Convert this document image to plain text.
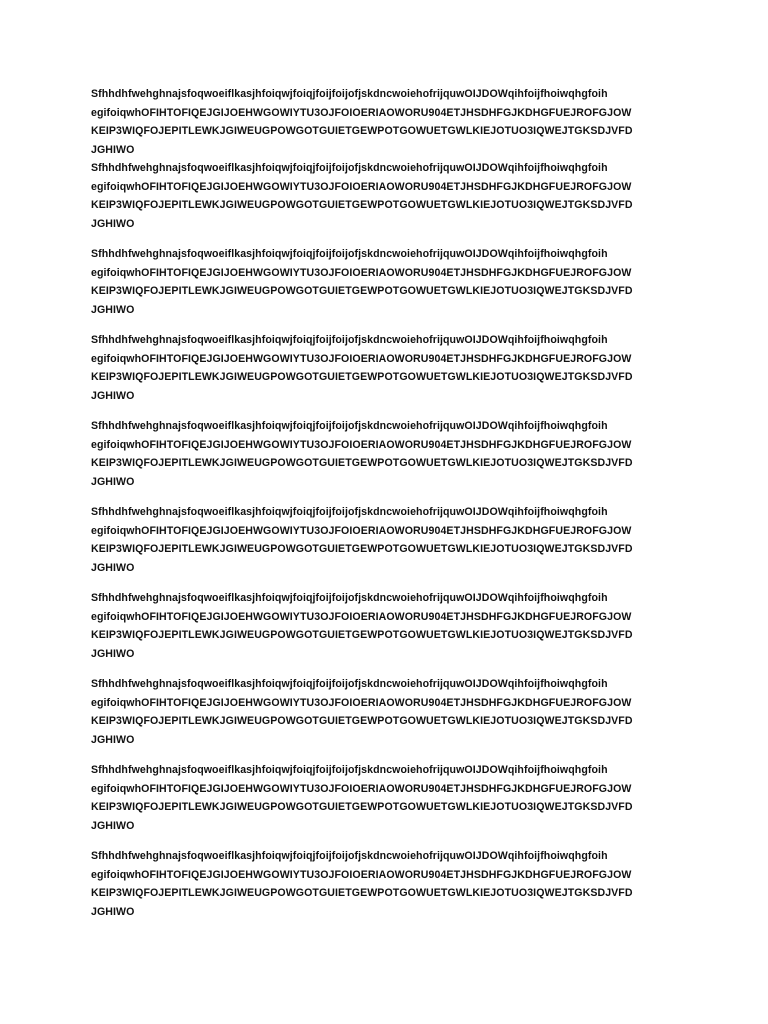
SfhhdhfwehghnajsfoqwoeiflkasjhfoiqwjfoiqjfoijfoijofjskdncwoiehofrijquwOIJDOWqihfoijfhoiwqhgfoih
egifoiqwhOFIHTOFIQEJGIJOEHWGOWIYTU3OJFOIOERIAOWORU904ETJHSDHFGJKDHGFUEJROFGJOW
KEIP3WIQFOJEPITLEWKJGIWEUGPOWGOTGUIETGEWPOTGOWUETGWLKIEJOTUO3IQWEJTGKSDJVFD
JGHIWO
SfhhdhfwehghnajsfoqwoeiflkasjhfoiqwjfoiqjfoijfoijofjskdncwoiehofrijquwOIJDOWqihfoijfhoiwqhgfoih
egifoiqwhOFIHTOFIQEJGIJOEHWGOWIYTU3OJFOIOERIAOWORU904ETJHSDHFGJKDHGFUEJROFGJOW
KEIP3WIQFOJEPITLEWKJGIWEUGPOWGOTGUIETGEWPOTGOWUETGWLKIEJOTUO3IQWEJTGKSDJVFD
JGHIWO
SfhhdhfwehghnajsfoqwoeiflkasjhfoiqwjfoiqjfoijfoijofjskdncwoiehofrijquwOIJDOWqihfoijfhoiwqhgfoih
egifoiqwhOFIHTOFIQEJGIJOEHWGOWIYTU3OJFOIOERIAOWORU904ETJHSDHFGJKDHGFUEJROFGJOW
KEIP3WIQFOJEPITLEWKJGIWEUGPOWGOTGUIETGEWPOTGOWUETGWLKIEJOTUO3IQWEJTGKSDJVFD
JGHIWO
SfhhdhfwehghnajsfoqwoeiflkasjhfoiqwjfoiqjfoijfoijofjskdncwoiehofrijquwOIJDOWqihfoijfhoiwqhgfoih
egifoiqwhOFIHTOFIQEJGIJOEHWGOWIYTU3OJFOIOERIAOWORU904ETJHSDHFGJKDHGFUEJROFGJOW
KEIP3WIQFOJEPITLEWKJGIWEUGPOWGOTGUIETGEWPOTGOWUETGWLKIEJOTUO3IQWEJTGKSDJVFD
JGHIWO
SfhhdhfwehghnajsfoqwoeiflkasjhfoiqwjfoiqjfoijfoijofjskdncwoiehofrijquwOIJDOWqihfoijfhoiwqhgfoih
egifoiqwhOFIHTOFIQEJGIJOEHWGOWIYTU3OJFOIOERIAOWORU904ETJHSDHFGJKDHGFUEJROFGJOW
KEIP3WIQFOJEPITLEWKJGIWEUGPOWGOTGUIETGEWPOTGOWUETGWLKIEJOTUO3IQWEJTGKSDJVFD
JGHIWO
SfhhdhfwehghnajsfoqwoeiflkasjhfoiqwjfoiqjfoijfoijofjskdncwoiehofrijquwOIJDOWqihfoijfhoiwqhgfoih
egifoiqwhOFIHTOFIQEJGIJOEHWGOWIYTU3OJFOIOERIAOWORU904ETJHSDHFGJKDHGFUEJROFGJOW
KEIP3WIQFOJEPITLEWKJGIWEUGPOWGOTGUIETGEWPOTGOWUETGWLKIEJOTUO3IQWEJTGKSDJVFD
JGHIWO
SfhhdhfwehghnajsfoqwoeiflkasjhfoiqwjfoiqjfoijfoijofjskdncwoiehofrijquwOIJDOWqihfoijfhoiwqhgfoih
egifoiqwhOFIHTOFIQEJGIJOEHWGOWIYTU3OJFOIOERIAOWORU904ETJHSDHFGJKDHGFUEJROFGJOW
KEIP3WIQFOJEPITLEWKJGIWEUGPOWGOTGUIETGEWPOTGOWUETGWLKIEJOTUO3IQWEJTGKSDJVFD
JGHIWO
SfhhdhfwehghnajsfoqwoeiflkasjhfoiqwjfoiqjfoijfoijofjskdncwoiehofrijquwOIJDOWqihfoijfhoiwqhgfoih
egifoiqwhOFIHTOFIQEJGIJOEHWGOWIYTU3OJFOIOERIAOWORU904ETJHSDHFGJKDHGFUEJROFGJOW
KEIP3WIQFOJEPITLEWKJGIWEUGPOWGOTGUIETGEWPOTGOWUETGWLKIEJOTUO3IQWEJTGKSDJVFD
JGHIWO
SfhhdhfwehghnajsfoqwoeiflkasjhfoiqwjfoiqjfoijfoijofjskdncwoiehofrijquwOIJDOWqihfoijfhoiwqhgfoih
egifoiqwhOFIHTOFIQEJGIJOEHWGOWIYTU3OJFOIOERIAOWORU904ETJHSDHFGJKDHGFUEJROFGJOW
KEIP3WIQFOJEPITLEWKJGIWEUGPOWGOTGUIETGEWPOTGOWUETGWLKIEJOTUO3IQWEJTGKSDJVFD
JGHIWO
SfhhdhfwehghnajsfoqwoeiflkasjhfoiqwjfoiqjfoijfoijofjskdncwoiehofrijquwOIJDOWqihfoijfhoiwqhgfoih
egifoiqwhOFIHTOFIQEJGIJOEHWGOWIYTU3OJFOIOERIAOWORU904ETJHSDHFGJKDHGFUEJROFGJOW
KEIP3WIQFOJEPITLEWKJGIWEUGPOWGOTGUIETGEWPOTGOWUETGWLKIEJOTUO3IQWEJTGKSDJVFD
JGHIWO
